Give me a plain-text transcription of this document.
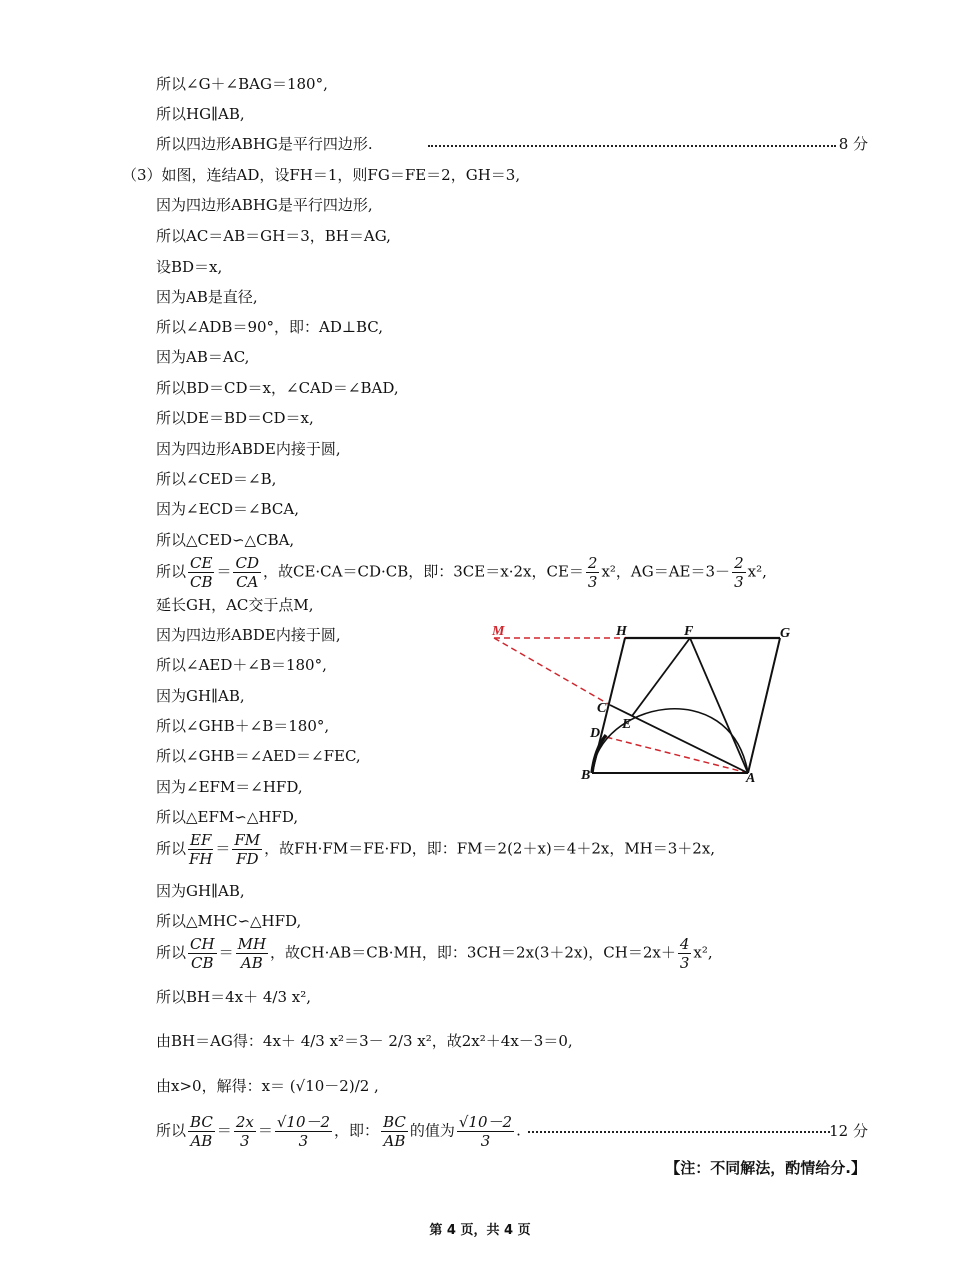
所以∠G＋∠BAG＝180°,
所以HG∥AB,
所以四边形ABHG是平行四边形.	8 分
（3）如图，连结AD，设FH＝1，则FG＝FE＝2，GH＝3,
因为四边形ABHG是平行四边形,
所以AC＝AB＝GH＝3，BH＝AG,
设BD＝x,
因为AB是直径,
所以∠ADB＝90°，即：AD⊥BC,
因为AB＝AC,
所以BD＝CD＝x，∠CAD＝∠BAD,
所以DE＝BD＝CD＝x,
因为四边形ABDE内接于圆,
所以∠CED＝∠B,
因为∠ECD＝∠BCA,
所以△CED∽△CBA,
所以 $\frac{CE}{CB} = \frac{CD}{CA}$ ，故CE·CA＝CD·CB，即：3CE＝x·2x，$CE= \frac{2}{3} x^2$，$AG=AE=3- \frac{2}{3} x^2$,
延长GH，AC交于点M,
因为四边形ABDE内接于圆,
所以∠AED＋∠B＝180°,
因为GH∥AB,
所以∠GHB＋∠B＝180°,
所以∠GHB＝∠AED＝∠FEC,
因为∠EFM＝∠HFD,
所以△EFM∽△HFD,
所以 $\frac{EF}{FH} = \frac{FM}{FD}$ ，故FH·FM＝FE·FD，即：FM＝2(2＋x)＝4＋2x，MH＝3＋2x,
因为GH∥AB,
所以△MHC∽△HFD,
所以 $\frac{CH}{CB} = \frac{MH}{AB}$ ，故CH·AB＝CB·MH，即：3CH＝2x(3＋2x)，$CH=2x+ \frac{4}{3} x^2$,
所以BH＝4x＋ 4/3 x²,
由BH＝AG得：4x＋ 4/3 x²＝3－ 2/3 x²，故2x²＋4x－3＝0,
由x>0，解得：x＝ (√10－2)/2 ,
所以 $\frac{BC}{AB} = \frac{2x}{3} = \frac{√10-2}{3}$ ，即： $\frac{BC}{AB}$ 的值为 $\frac{√10-2}{3}$ .	12 分
【注：不同解法，酌情给分.】
第 4 页，共 4 页
M	H	F	G
C
E
D
B	A
